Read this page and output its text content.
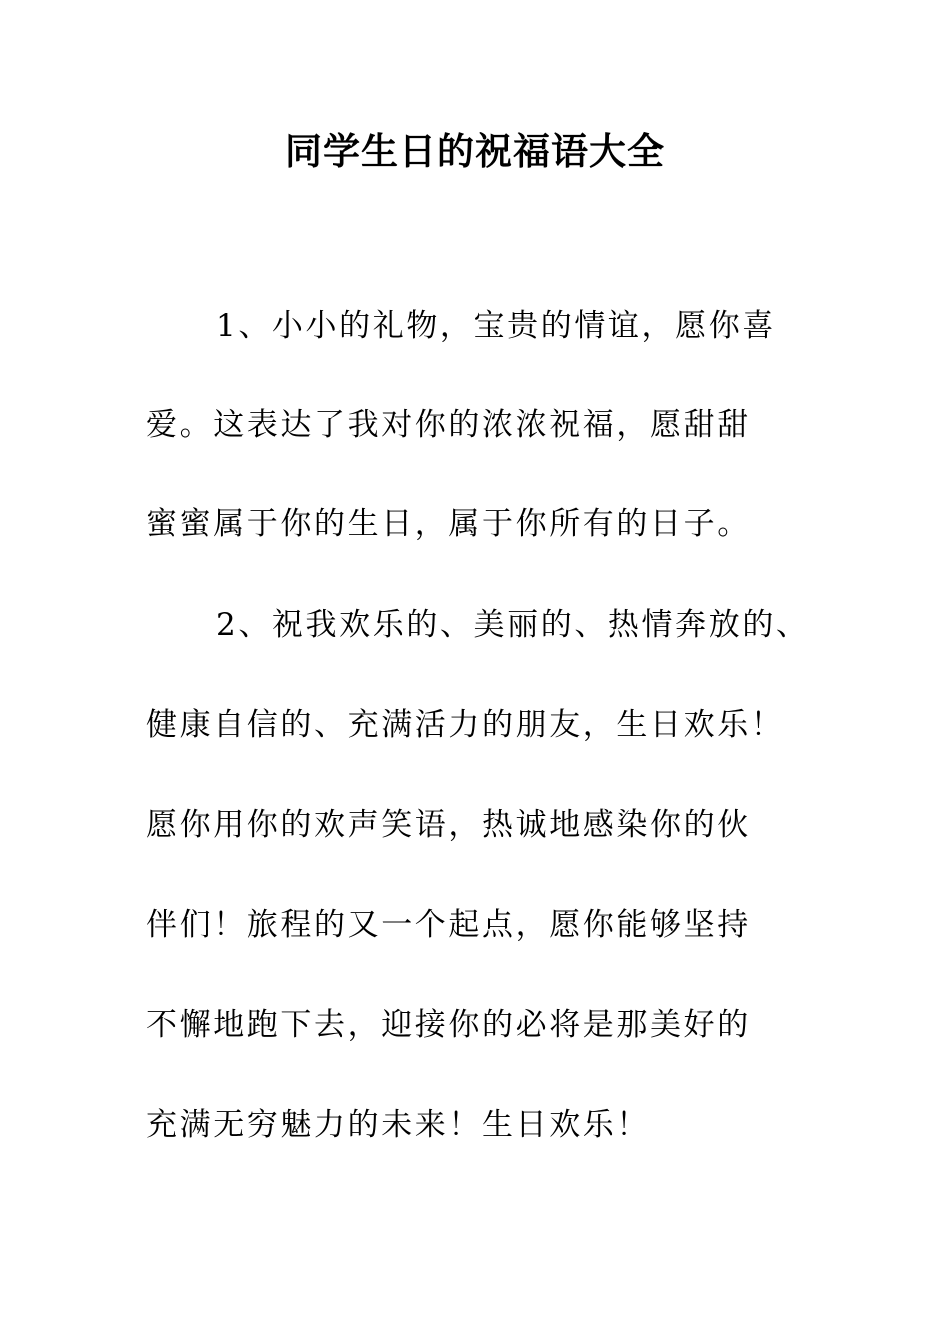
同学生日的祝福语大全
1、小小的礼物，宝贵的情谊，愿你喜
爱。这表达了我对你的浓浓祝福，愿甜甜
蜜蜜属于你的生日，属于你所有的日子。
2、祝我欢乐的、美丽的、热情奔放的、
健康自信的、充满活力的朋友，生日欢乐！
愿你用你的欢声笑语，热诚地感染你的伙
伴们！旅程的又一个起点，愿你能够坚持
不懈地跑下去，迎接你的必将是那美好的
充满无穷魅力的未来！生日欢乐！
